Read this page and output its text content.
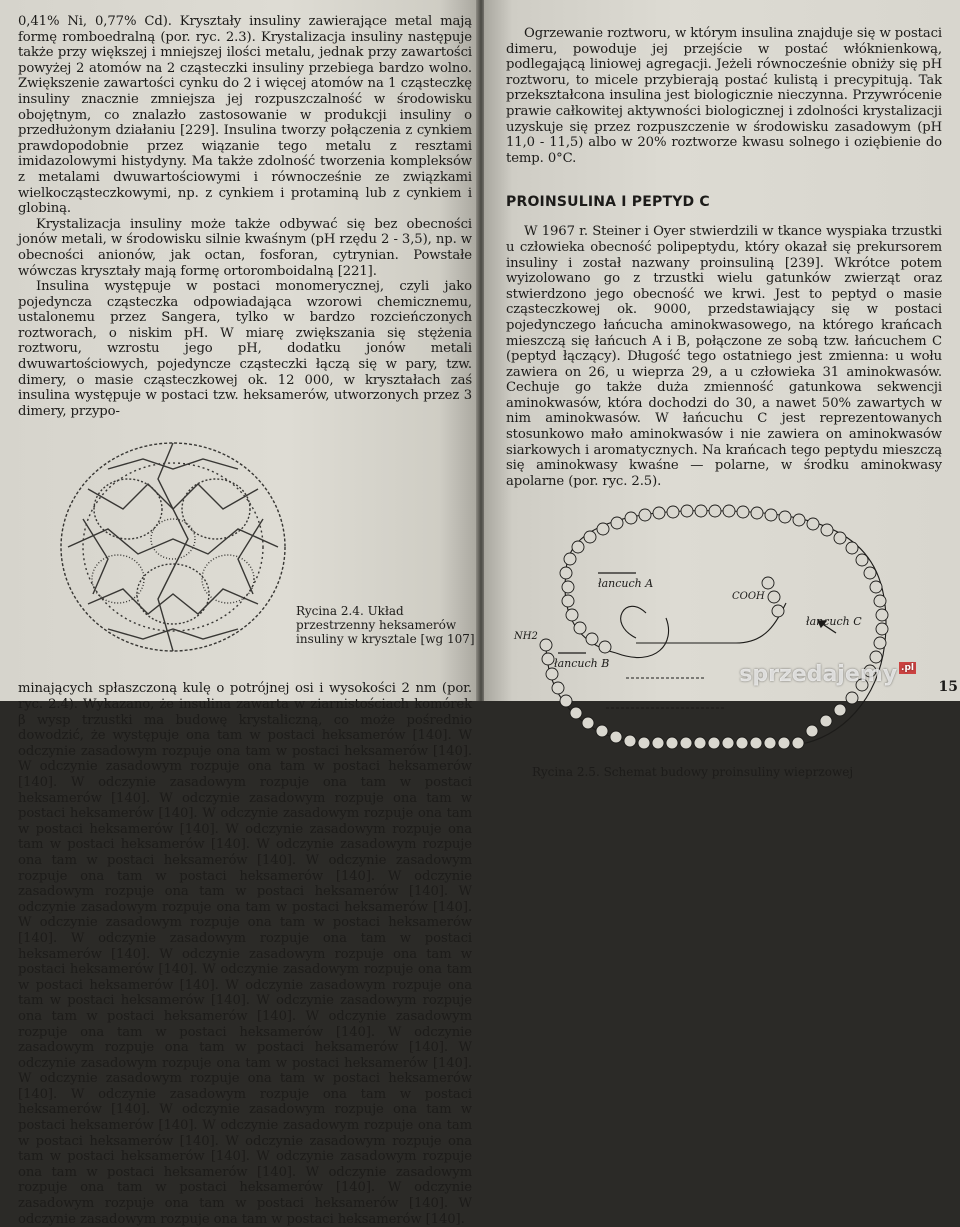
0,41% Ni, 0,77% Cd). Kryształy insuliny zawierające metal mają formę romboedralną (por. ryc. 2.3). Krystalizacja insuliny następuje także przy większej i mniejszej ilości metalu, jednak przy zawartości powyżej 2 atomów na 2 cząsteczki insuliny przebiega bardzo wolno. Zwiększenie zawartości cynku do 2 i więcej atomów na 1 cząsteczkę insuliny znacznie zmniejsza jej rozpuszczalność w środowisku obojętnym, co znalazło zastosowanie w produkcji insuliny o przedłużonym działaniu [229]. Insulina tworzy połączenia z cynkiem prawdopodobnie przez wiązanie tego metalu z resztami imidazolowymi histydyny. Ma także zdolność tworzenia kompleksów z metalami dwuwartościowymi i równocześnie ze związkami wielkocząsteczkowymi, np. z cynkiem i protaminą lub z cynkiem i globiną.

Krystalizacja insuliny może także odbywać się bez obecności jonów metali, w środowisku silnie kwaśnym (pH rzędu 2 - 3,5), np. w obecności anionów, jak octan, fosforan, cytrynian. Powstałe wówczas kryształy mają formę ortoromboidalną [221].

Insulina występuje w postaci monomerycznej, czyli jako pojedyncza cząsteczka odpowiadająca wzorowi chemicznemu, ustalonemu przez Sangera, tylko w bardzo rozcieńczonych roztworach, o niskim pH. W miarę zwiększania się stężenia roztworu, wzrostu jego pH, dodatku jonów metali dwuwartościowych, pojedyncze cząsteczki łączą się w pary, tzw. dimery, o masie cząsteczkowej ok. 12 000, w kryształach zaś insulina występuje w postaci tzw. heksamerów, utworzonych przez 3 dimery, przypo-

Rycina 2.4. Układ przestrzenny heksamerów insuliny w krysztale [wg 107]

minających spłaszczoną kulę o potrójnej osi i wysokości 2 nm (por. ryc. 2.4). Wykazano, że insulina zawarta w ziarnistościach komórek β wysp trzustki ma budowę krystaliczną, co może pośrednio dowodzić, że występuje ona tam w postaci heksamerów [140]. W odczynie zasadowym rozpuje ona tam w postaci heksamerów [140]. W odczynie zasadowym rozpuje ona tam w postaci heksamerów [140]. W odczynie zasadowym rozpuje ona tam w postaci heksamerów [140]. W odczynie zasadowym rozpuje ona tam w postaci heksamerów [140]. W odczynie zasadowym rozpuje ona tam w postaci heksamerów [140]. W odczynie zasadowym rozpuje ona tam w postaci heksamerów [140]. W odczynie zasadowym rozpuje ona tam w postaci heksamerów [140]. W odczynie zasadowym rozpuje ona tam w postaci heksamerów [140]. W odczynie zasadowym rozpuje ona tam w postaci heksamerów [140]. W odczynie zasadowym rozpuje ona tam w postaci heksamerów [140]. W odczynie zasadowym rozpuje ona tam w postaci heksamerów [140]. W odczynie zasadowym rozpuje ona tam w postaci heksamerów [140]. W odczynie zasadowym rozpuje ona tam w postaci heksamerów [140]. W odczynie zasadowym rozpuje ona tam w postaci heksamerów [140]. W odczynie zasadowym rozpuje ona tam w postaci heksamerów [140]. W odczynie zasadowym rozpuje ona tam w postaci heksamerów [140]. W odczynie zasadowym rozpuje ona tam w postaci heksamerów [140]. W odczynie zasadowym rozpuje ona tam w postaci heksamerów [140]. W odczynie zasadowym rozpuje ona tam w postaci heksamerów [140]. W odczynie zasadowym rozpuje ona tam w postaci heksamerów [140]. W odczynie zasadowym rozpuje ona tam w postaci heksamerów [140]. W odczynie zasadowym rozpuje ona tam w postaci heksamerów [140]. W odczynie zasadowym rozpuje ona tam w postaci heksamerów [140]. W odczynie zasadowym rozpuje ona tam w postaci heksamerów [140]. W odczynie zasadowym rozpuje ona tam w postaci heksamerów [140]. W odczynie zasadowym rozpuje ona tam w postaci heksamerów [140]. W odczynie zasadowym rozpuje ona tam w postaci heksamerów [140]. W odczynie zasadowym rozpuje ona tam w postaci heksamerów [140].

Ogrzewanie roztworu, w którym insulina znajduje się w postaci dimeru, powoduje jej przejście w postać włóknienkową, podlegającą liniowej agregacji. Jeżeli równocześnie obniży się pH roztworu, to micele przybierają postać kulistą i precypitują. Tak przekształcona insulina jest biologicznie nieczynna. Przywrócenie prawie całkowitej aktywności biologicznej i zdolności krystalizacji uzyskuje się przez rozpuszczenie w środowisku zasadowym (pH 11,0 - 11,5) albo w 20% roztworze kwasu solnego i oziębienie do temp. 0°C.

PROINSULINA I PEPTYD C

W 1967 r. Steiner i Oyer stwierdzili w tkance wyspiaka trzustki u człowieka obecność polipeptydu, który okazał się prekursorem insuliny i został nazwany proinsuliną [239]. Wkrótce potem wyizolowano go z trzustki wielu gatunków zwierząt oraz stwierdzono jego obecność we krwi. Jest to peptyd o masie cząsteczkowej ok. 9000, przedstawiający się w postaci pojedynczego łańcucha aminokwasowego, na którego krańcach mieszczą się łańcuch A i B, połączone ze sobą tzw. łańcuchem C (peptyd łączący). Długość tego ostatniego jest zmienna: u wołu zawiera on 26, u wieprza 29, a u człowieka 31 aminokwasów. Cechuje go także duża zmienność gatunkowa sekwencji aminokwasów, która dochodzi do 30, a nawet 50% zawartych w nim aminokwasów. W łańcuchu C jest reprezentowanych stosunkowo mało aminokwasów i nie zawiera on aminokwasów siarkowych i aromatycznych. Na krańcach tego peptydu mieszczą się aminokwasy kwaśne — polarne, w środku aminokwasy apolarne (por. ryc. 2.5).

łancuch A
łancuch B
łancuch C
NH2
COOH
Rycina 2.5. Schemat budowy proinsuliny wieprzowej
15
sprzedajemy .pl
